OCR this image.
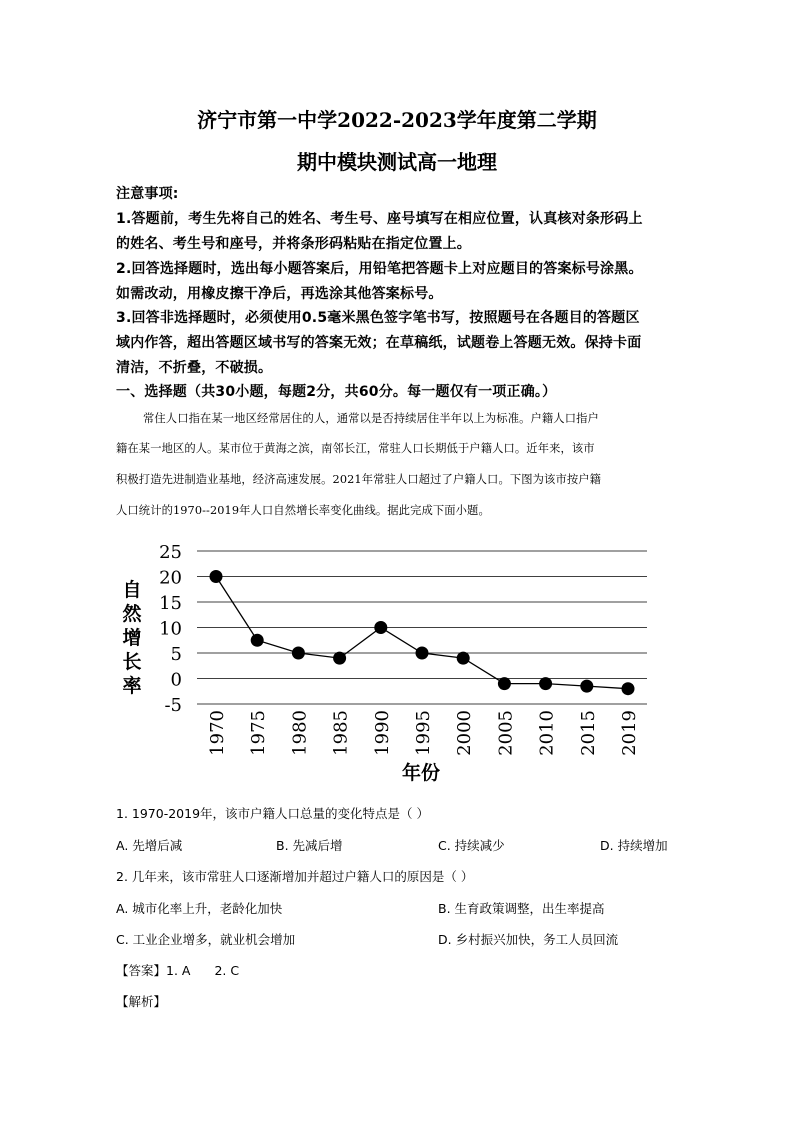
济宁市第一中学2022-2023学年度第二学期
期中模块测试高一地理
注意事项:
1.答题前，考生先将自己的姓名、考生号、座号填写在相应位置，认真核对条形码上
的姓名、考生号和座号，并将条形码粘贴在指定位置上。
2.回答选择题时，选出每小题答案后，用铅笔把答题卡上对应题目的答案标号涂黑。
如需改动，用橡皮擦干净后，再选涂其他答案标号。
3.回答非选择题时，必须使用0.5毫米黑色签字笔书写，按照题号在各题目的答题区
域内作答，超出答题区域书写的答案无效；在草稿纸，试题卷上答题无效。保持卡面
清洁，不折叠，不破损。
一、选择题（共30小题，每题2分，共60分。每一题仅有一项正确。）
常住人口指在某一地区经常居住的人，通常以是否持续居住半年以上为标准。户籍人口指户
籍在某一地区的人。某市位于黄海之滨，南邻长江，常驻人口长期低于户籍人口。近年来，该市
积极打造先进制造业基地，经济高速发展。2021年常驻人口超过了户籍人口。下图为该市按户籍
人口统计的1970--2019年人口自然增长率变化曲线。据此完成下面小题。
25
20
15
10
5
0
-5
1970 1975 1980 1985 1990 1995 2000 2005 2010 2015 2019
自然增长率
年份
1. 1970-2019年，该市户籍人口总量的变化特点是（ ）
A. 先增后减	B. 先减后增	C. 持续减少	D. 持续增加
2. 几年来，该市常驻人口逐渐增加并超过户籍人口的原因是（ ）
A. 城市化率上升，老龄化加快	B. 生育政策调整，出生率提高
C. 工业企业增多，就业机会增加	D. 乡村振兴加快，务工人员回流
【答案】1. A 2. C
【解析】
